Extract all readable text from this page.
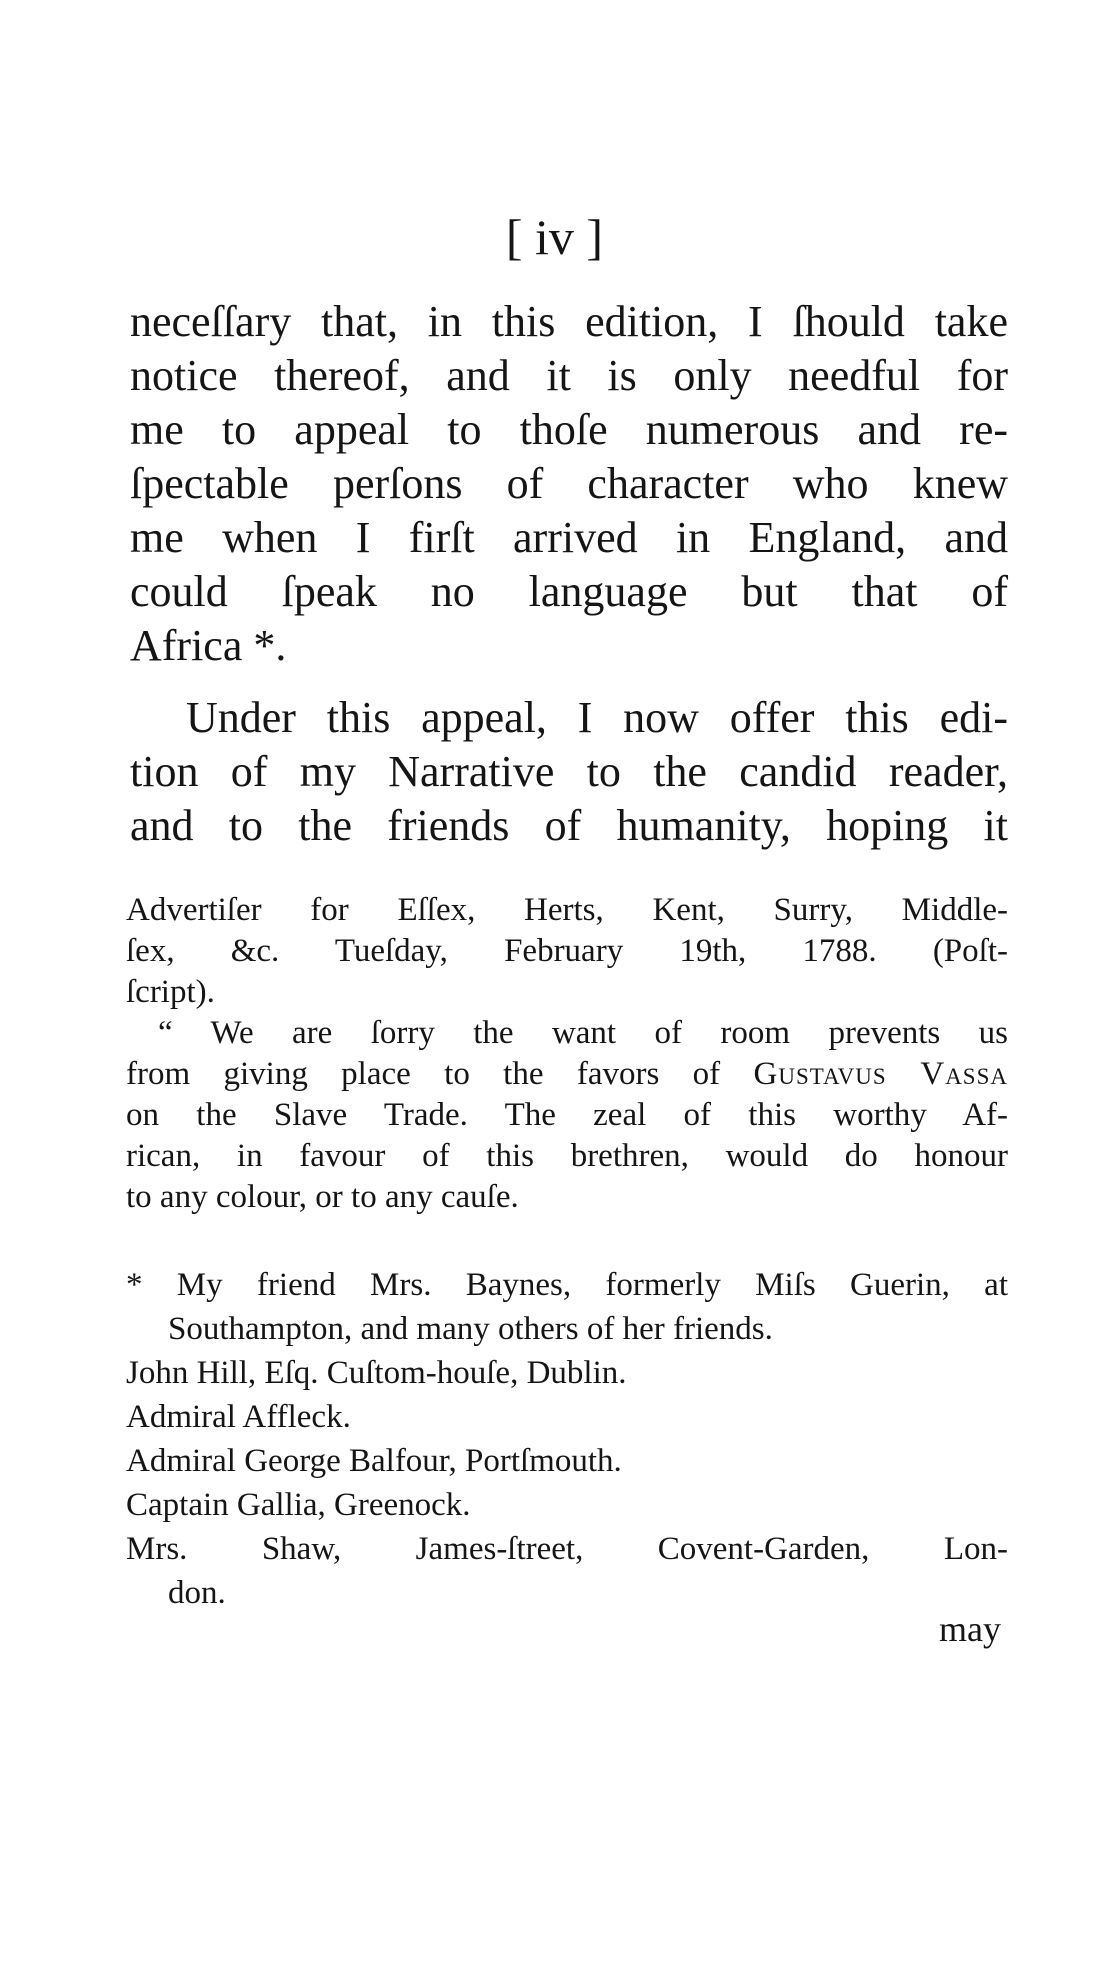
[ iv ]
neceſſary that, in this edition, I ſhould take
notice thereof, and it is only needful for
me to appeal to thoſe numerous and re-
ſpectable perſons of character who knew
me when I firſt arrived in England, and
could ſpeak no language but that of
Africa *.
Under this appeal, I now offer this edi-
tion of my Narrative to the candid reader,
and to the friends of humanity, hoping it
Advertiſer for Eſſex, Herts, Kent, Surry, Middle-
ſex, &c. Tueſday, February 19th, 1788. (Poſt-
ſcript).
“ We are ſorry the want of room prevents us
from giving place to the favors of Gustavus Vassa
on the Slave Trade. The zeal of this worthy Af-
rican, in favour of this brethren, would do honour
to any colour, or to any cauſe.
* My friend Mrs. Baynes, formerly Miſs Guerin, at
Southampton, and many others of her friends.
John Hill, Eſq. Cuſtom-houſe, Dublin.
Admiral Affleck.
Admiral George Balfour, Portſmouth.
Captain Gallia, Greenock.
Mrs. Shaw, James-ſtreet, Covent-Garden, Lon-
don.
may
